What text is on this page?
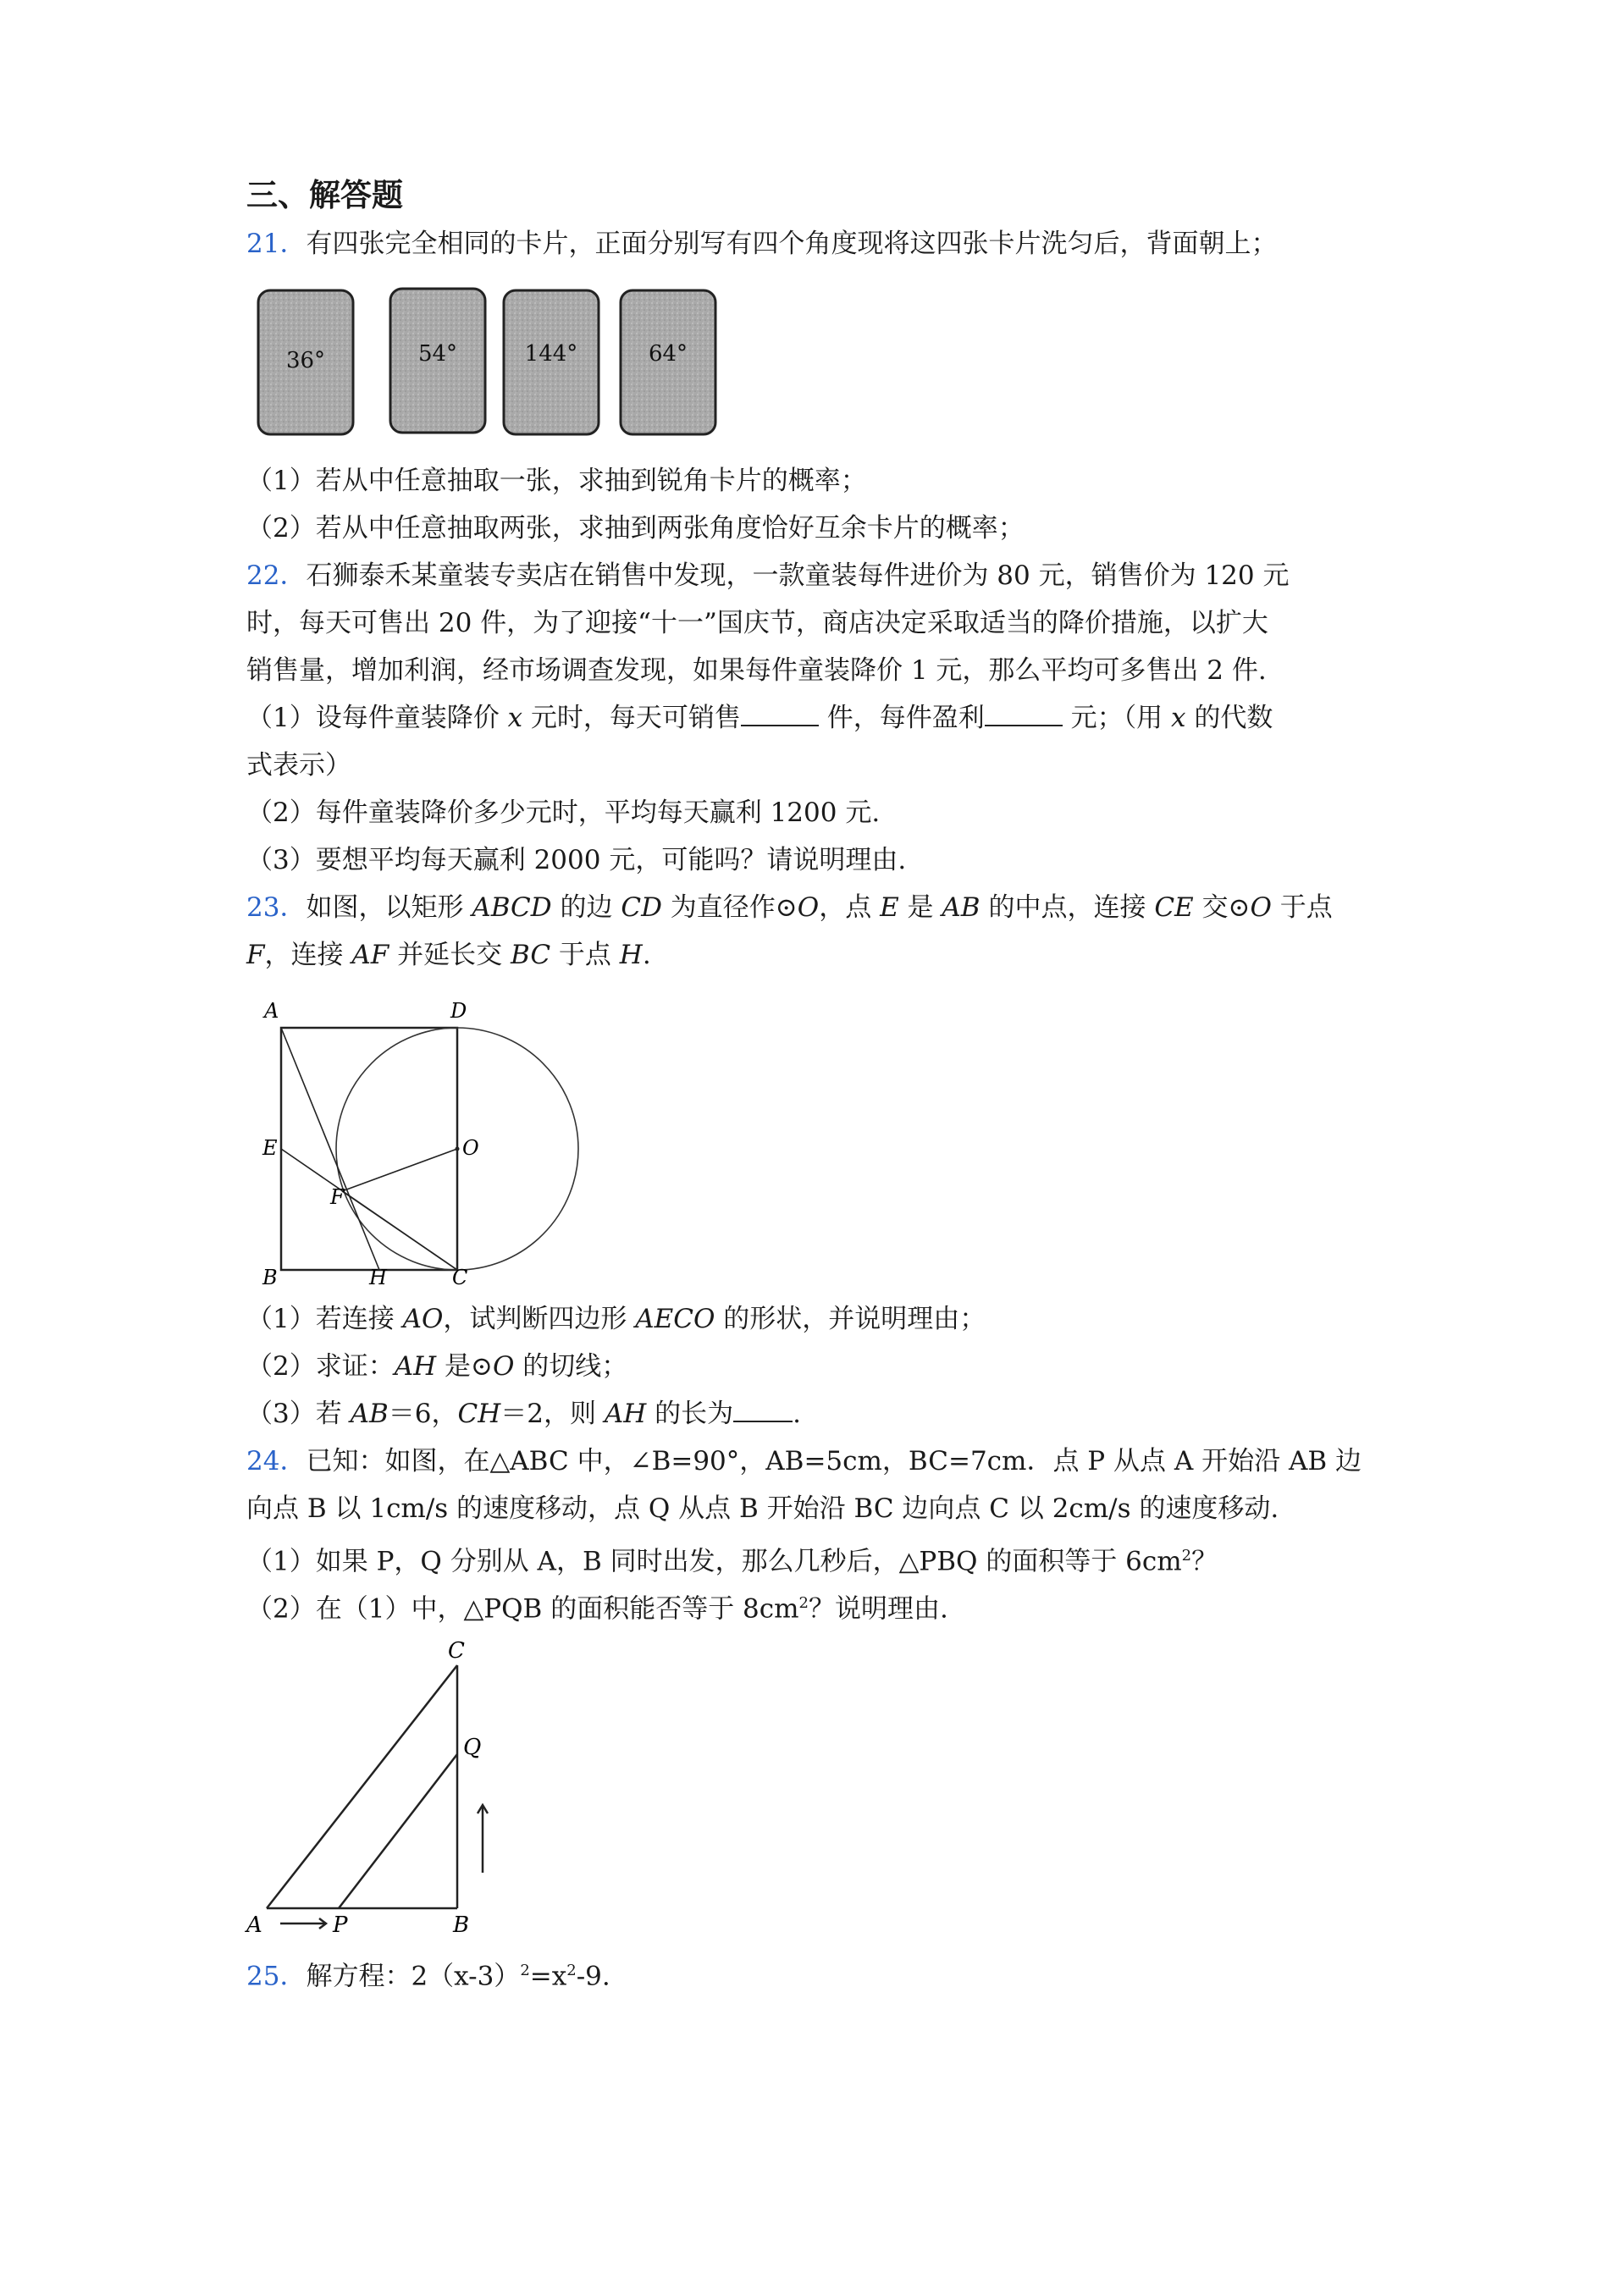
三、解答题
21．有四张完全相同的卡片，正面分别写有四个角度现将这四张卡片洗匀后，背面朝上；
36°	54°	144°	64°
（1）若从中任意抽取一张，求抽到锐角卡片的概率；
（2）若从中任意抽取两张，求抽到两张角度恰好互余卡片的概率；
22．石狮泰禾某童装专卖店在销售中发现，一款童装每件进价为 80 元，销售价为 120 元
时，每天可售出 20 件，为了迎接“十一”国庆节，商店决定采取适当的降价措施，以扩大
销售量，增加利润，经市场调查发现，如果每件童装降价 1 元，那么平均可多售出 2 件.
（1）设每件童装降价 x 元时，每天可销售	件，每件盈利	元；（用 x 的代数
式表示）
（2）每件童装降价多少元时，平均每天赢利 1200 元.
（3）要想平均每天赢利 2000 元，可能吗？请说明理由.
23．如图，以矩形 ABCD 的边 CD 为直径作⊙O，点 E 是 AB 的中点，连接 CE 交⊙O 于点
F，连接 AF 并延长交 BC 于点 H.
A	D
E	O
F
B	H	C
（1）若连接 AO，试判断四边形 AECO 的形状，并说明理由；
（2）求证：AH 是⊙O 的切线；
（3）若 AB＝6，CH＝2，则 AH 的长为 .
24．已知：如图，在△ABC 中，∠B=90°，AB=5cm，BC=7cm．点 P 从点 A 开始沿 AB 边
向点 B 以 1cm/s 的速度移动，点 Q 从点 B 开始沿 BC 边向点 C 以 2cm/s 的速度移动.
（1）如果 P，Q 分别从 A，B 同时出发，那么几秒后，△PBQ 的面积等于 $6cm^2$？
（2）在（1）中，△PQB 的面积能否等于 $8cm^2$？说明理由.
C
Q
A	P	B
25．解方程：$2(x-3)^2=x^2-9$.
